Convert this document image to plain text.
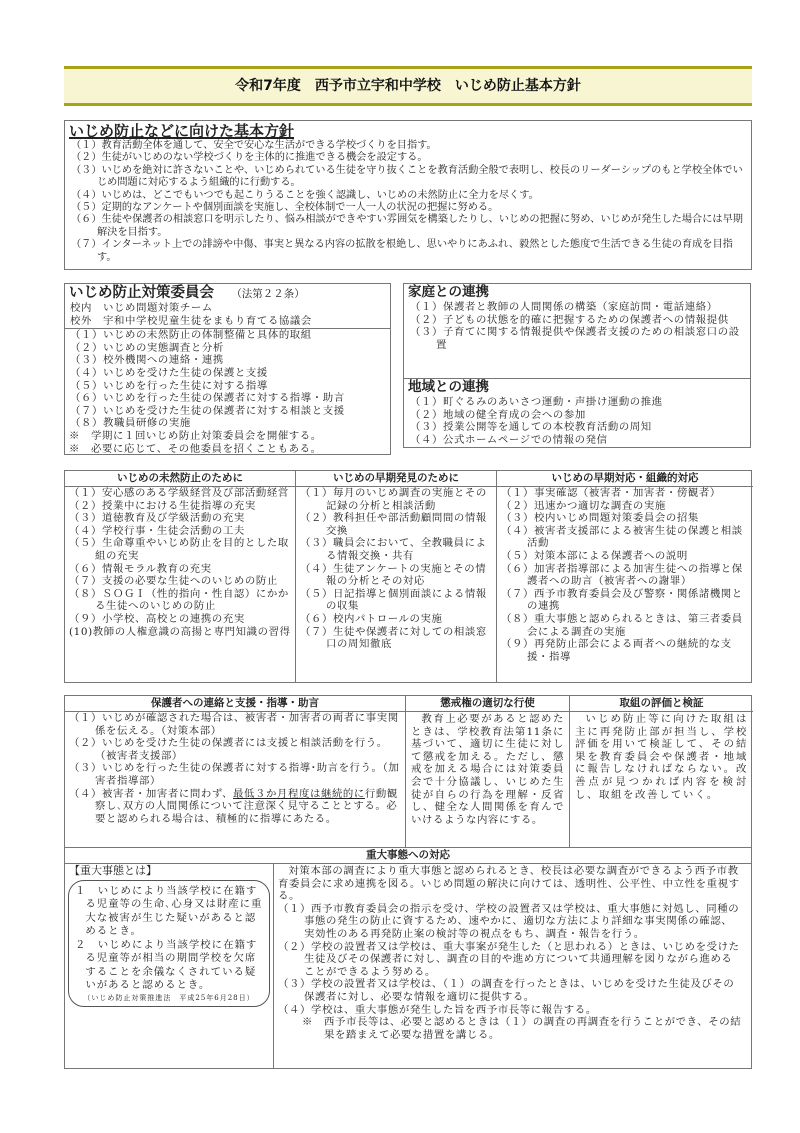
令和7年度　西予市立宇和中学校　いじめ防止基本方針
いじめ防止などに向けた基本方針
（１）教育活動全体を通して、安全で安心な生活ができる学校づくりを目指す。
（２）生徒がいじめのない学校づくりを主体的に推進できる機会を設定する。
（３）いじめを絶対に許さないことや、いじめられている生徒を守り抜くことを教育活動全般で表明し、校長のリーダーシップのもと学校全体でいじめ問題に対応するよう組織的に行動する。
（４）いじめは、どこでもいつでも起こりうることを強く認識し、いじめの未然防止に全力を尽くす。
（５）定期的なアンケートや個別面談を実施し、全校体制で一人一人の状況の把握に努める。
（６）生徒や保護者の相談窓口を明示したり、悩み相談ができやすい雰囲気を構築したりし、いじめの把握に努め、いじめが発生した場合には早期解決を目指す。
（７）インターネット上での誹謗や中傷、事実と異なる内容の拡散を根絶し、思いやりにあふれ、毅然とした態度で生活できる生徒の育成を目指す。
いじめ防止対策委員会 （法第２２条）
校内　 いじめ問題対策チーム
校外　 宇和中学校児童生徒をまもり育てる協議会
（１）いじめの未然防止の体制整備と具体的取組
（２）いじめの実態調査と分析
（３）校外機関への連絡・連携
（４）いじめを受けた生徒の保護と支援
（５）いじめを行った生徒に対する指導
（６）いじめを行った生徒の保護者に対する指導・助言
（７）いじめを受けた生徒の保護者に対する相談と支援
（８）教職員研修の実施
※　学期に１回いじめ防止対策委員会を開催する。
※　必要に応じて、その他委員を招くこともある。
家庭との連携
（１）保護者と教師の人間関係の構築（家庭訪問・電話連絡）
（２）子どもの状態を的確に把握するための保護者への情報提供
（３）子育てに関する情報提供や保護者支援のための相談窓口の設置
地域との連携
（１）町ぐるみのあいさつ運動・声掛け運動の推進
（２）地域の健全育成の会への参加
（３）授業公開等を通しての本校教育活動の周知
（４）公式ホームページでの情報の発信
いじめの未然防止のために
（１）安心感のある学級経営及び部活動経営
（２）授業中における生徒指導の充実
（３）道徳教育及び学級活動の充実
（４）学校行事・生徒会活動の工夫
（５）生命尊重やいじめ防止を目的とした取組の充実
（６）情報モラル教育の充実
（７）支援の必要な生徒へのいじめの防止
（８）ＳＯＧＩ（性的指向・性自認）にかかる生徒へのいじめの防止
（９）小学校、高校との連携の充実
(10)教師の人権意識の高揚と専門知識の習得
いじめの早期発見のために
（１）毎月のいじめ調査の実施とその記録の分析と相談活動
（２）教科担任や部活動顧問間の情報交換
（３）職員会において、全教職員による情報交換・共有
（４）生徒アンケートの実施とその情報の分析とその対応
（５）日記指導と個別面談による情報の収集
（６）校内パトロールの実施
（７）生徒や保護者に対しての相談窓口の周知徹底
いじめの早期対応・組織的対応
（１）事実確認（被害者・加害者・傍観者）
（２）迅速かつ適切な調査の実施
（３）校内いじめ問題対策委員会の招集
（４）被害者支援部による被害生徒の保護と相談活動
（５）対策本部による保護者への説明
（６）加害者指導部による加害生徒への指導と保護者への助言（被害者への謝罪）
（７）西予市教育委員会及び警察・関係諸機関との連携
（８）重大事態と認められるときは、第三者委員会による調査の実施
（９）再発防止部会による両者への継続的な支援・指導
保護者への連絡と支援・指導・助言
（１）いじめが確認された場合は、被害者・加害者の両者に事実関係を伝える。（対策本部）
（２）いじめを受けた生徒の保護者には支援と相談活動を行う。（被害者支援部）
（３）いじめを行った生徒の保護者に対する指導･助言を行う。（加害者指導部）
（４）被害者・加害者に問わず、最低３か月程度は継続的に行動観察し､双方の人間関係について注意深く見守ることとする。必要と認められる場合は、積極的に指導にあたる。
懲戒権の適切な行使
教育上必要があると認めたときは、学校教育法第11条に基づいて、適切に生徒に対して懲戒を加える。ただし、懲戒を加える場合には対策委員会で十分協議し、いじめた生徒が自らの行為を理解・反省し、健全な人間関係を育んでいけるような内容にする。
取組の評価と検証
いじめ防止等に向けた取組は主に再発防止部が担当し、学校評価を用いて検証して、その結果を教育委員会や保護者・地域に報告しなければならない。改善点が見つかれば内容を検討し、取組を改善していく。
重大事態への対応
【重大事態とは】
１　いじめにより当該学校に在籍する児童等の生命､心身又は財産に重大な被害が生じた疑いがあると認めるとき。
２　いじめにより当該学校に在籍する児童等が相当の期間学校を欠席することを余儀なくされている疑いがあると認めるとき。
（いじめ防止対策推進法　平成25年6月28日）
対策本部の調査により重大事態と認められるとき、校長は必要な調査ができるよう西予市教育委員会に求め連携を図る。いじめ問題の解決に向けては、透明性、公平性、中立性を重視する。
（１）西予市教育委員会の指示を受け、学校の設置者又は学校は、重大事態に対処し、同種の事態の発生の防止に資するため、速やかに、適切な方法により詳細な事実関係の確認、実効性のある再発防止案の検討等の視点をもち、調査・報告を行う。
（２）学校の設置者又は学校は、重大事案が発生した（と思われる）ときは、いじめを受けた生徒及びその保護者に対し、調査の目的や進め方について共通理解を図りながら進めることができるよう努める。
（３）学校の設置者又は学校は、（１）の調査を行ったときは、いじめを受けた生徒及びその保護者に対し、必要な情報を適切に提供する。
（４）学校は、重大事態が発生した旨を西予市長等に報告する。
※　西予市長等は、必要と認めるときは（１）の調査の再調査を行うことができ、その結果を踏まえて必要な措置を講じる。
